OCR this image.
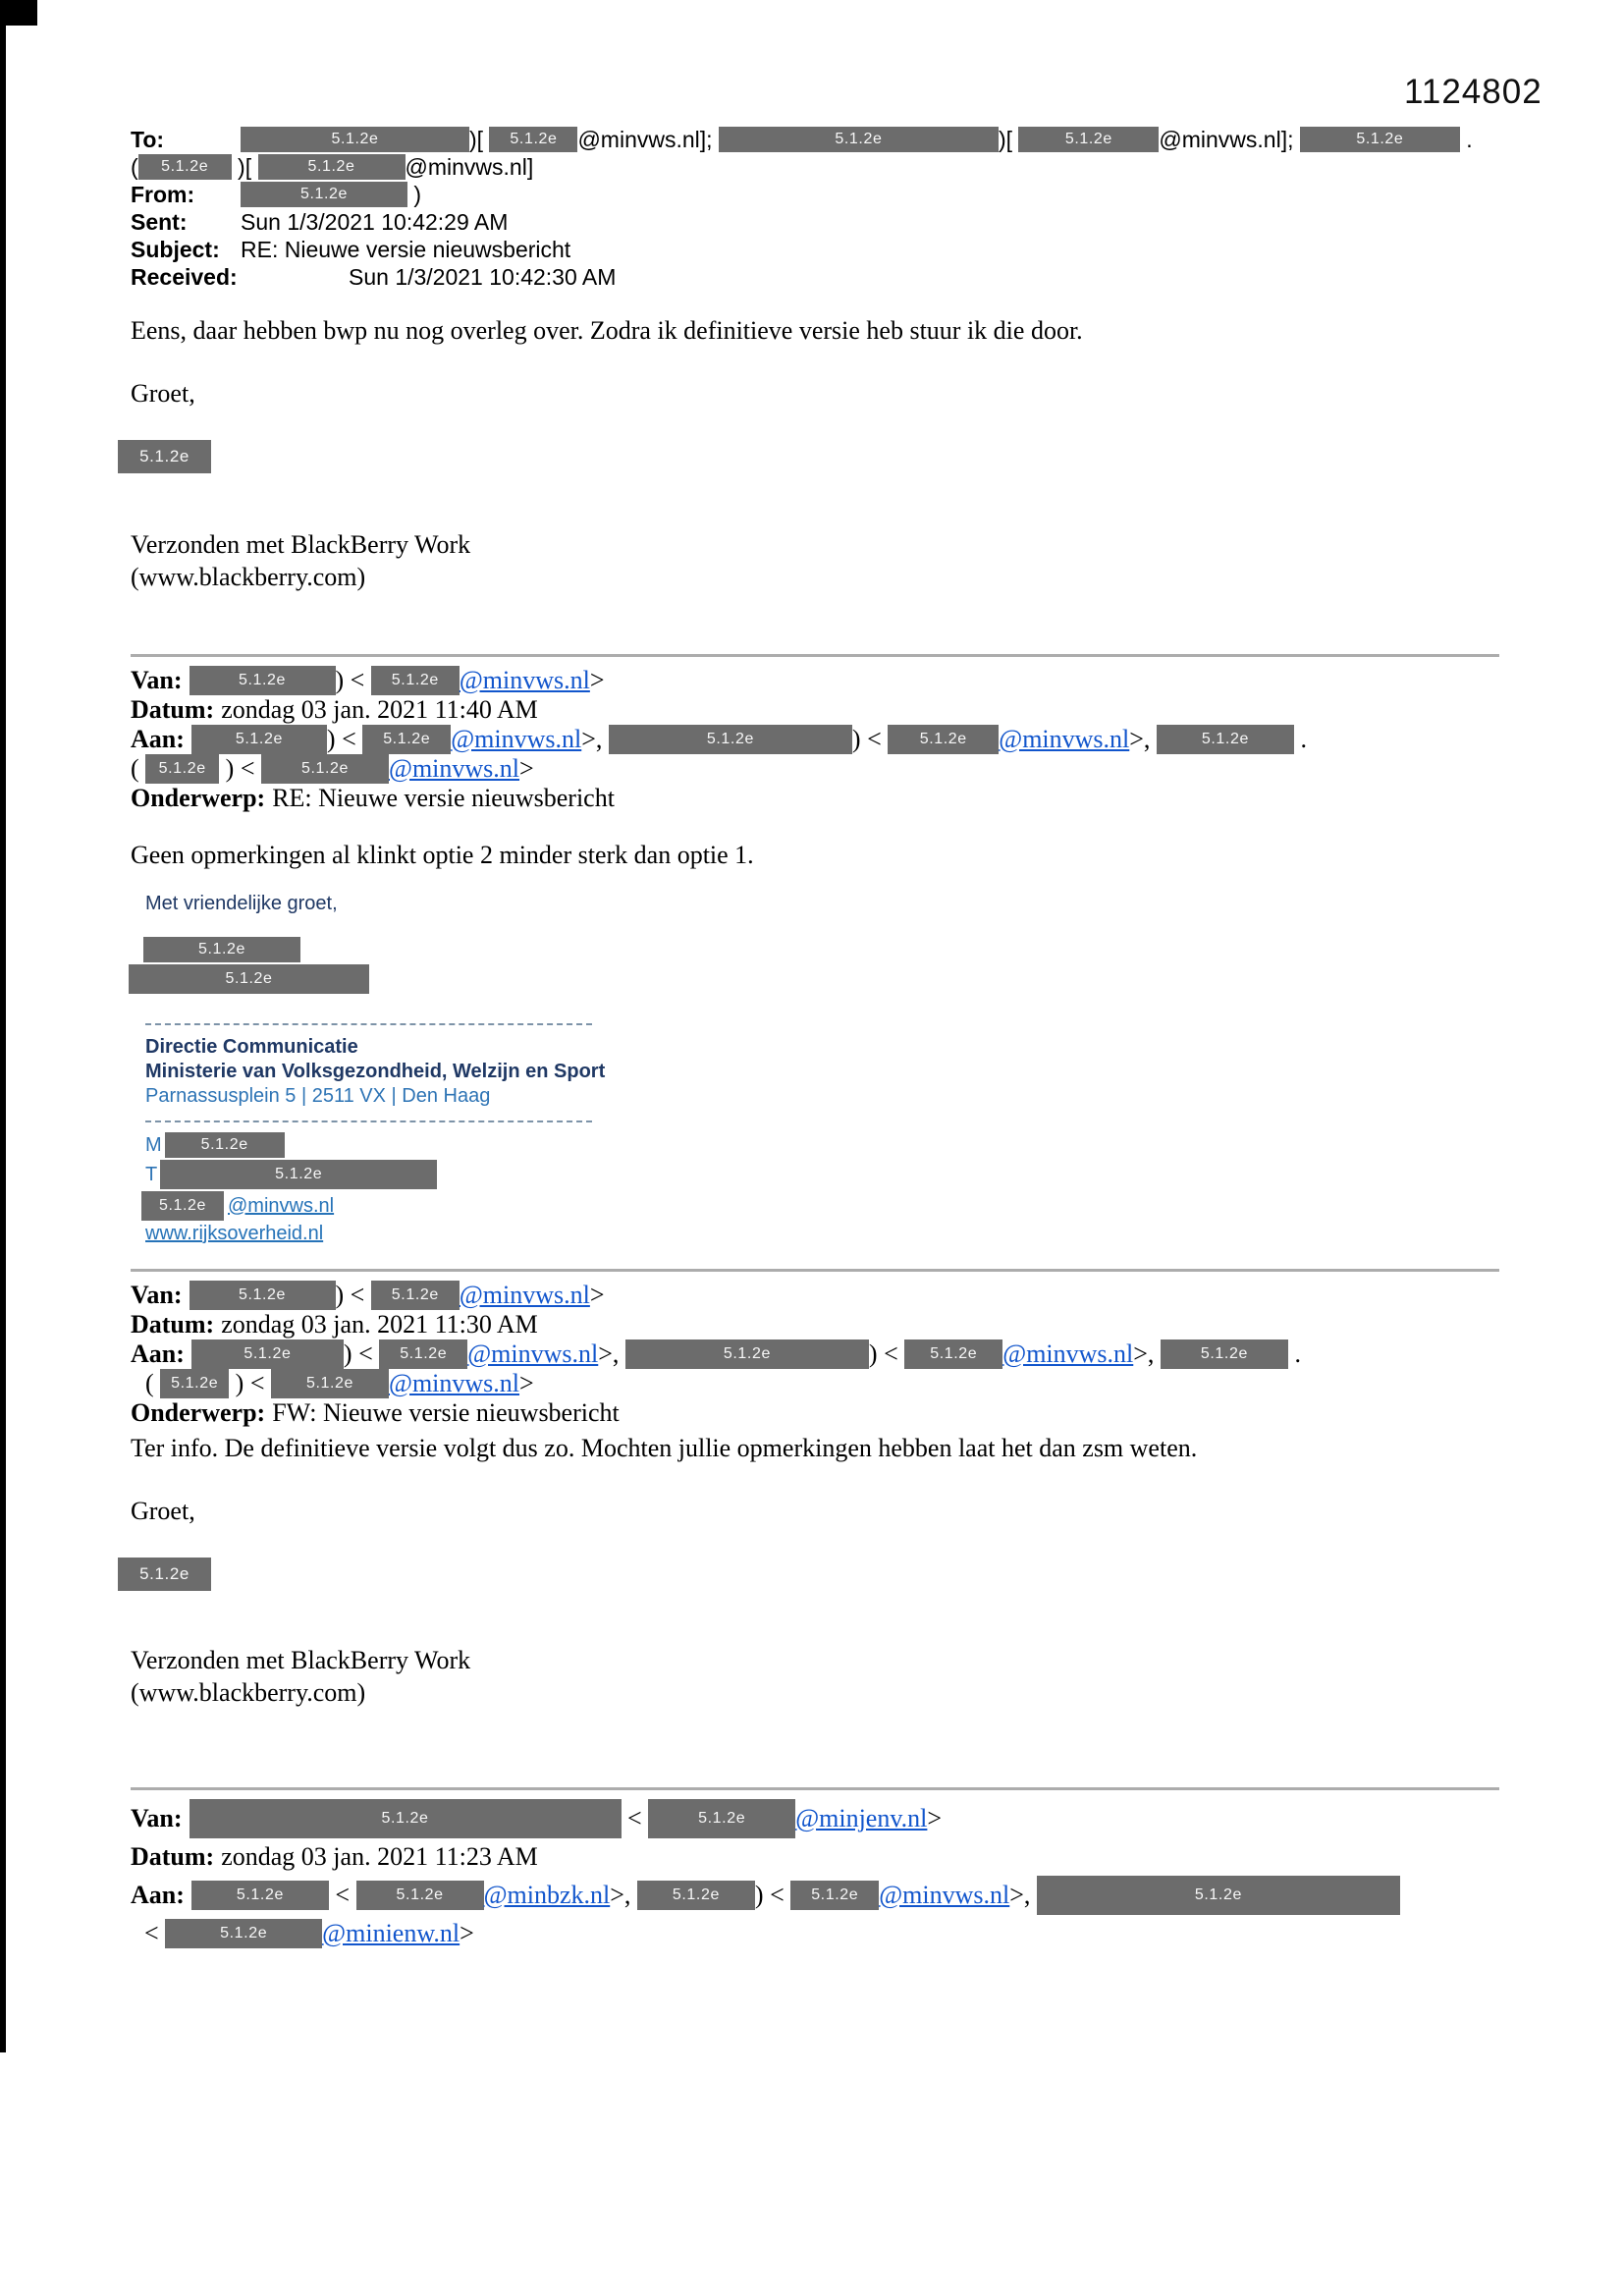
1124802
To:	5.1.2e	)[	5.1.2e @minvws.nl];	5.1.2e	)[	5.1.2e	@minvws.nl];	5.1.2e	.
(	5.1.2e	)[	5.1.2e	@minvws.nl]
From:	5.1.2e	)
Sent:	Sun 1/3/2021 10:42:29 AM
Subject: RE: Nieuwe versie nieuwsbericht
Received:	Sun 1/3/2021 10:42:30 AM
Eens, daar hebben bwp nu nog overleg over. Zodra ik definitieve versie heb stuur ik die door.
Groet,
5.1.2e
Verzonden met BlackBerry Work
(www.blackberry.com)
Van:	5.1.2e	) <	5.1.2e @minvws.nl >
Datum: zondag 03 jan. 2021 11:40 AM
Aan:	5.1.2e	) <	5.1.2e @minvws.nl >,	5.1.2e	) <	5.1.2e	@minvws.nl >,	5.1.2e	.
( 5.1.2e ) <	5.1.2e	@minvws.nl >
Onderwerp: RE: Nieuwe versie nieuwsbericht
Geen opmerkingen al klinkt optie 2 minder sterk dan optie 1.
Met vriendelijke groet,
5.1.2e
5.1.2e
Directie Communicatie
Ministerie van Volksgezondheid, Welzijn en Sport
Parnassusplein 5 | 2511 VX | Den Haag
M	5.1.2e
T	5.1.2e
5.1.2e	@minvws.nl
www.rijksoverheid.nl
Van:	5.1.2e	) <	5.1.2e @minvws.nl >
Datum: zondag 03 jan. 2021 11:30 AM
Aan:	5.1.2e	) <	5.1.2e @minvws.nl >,	5.1.2e	) <	5.1.2e @minvws.nl >,	5.1.2e	.
( 5.1.2e ) <	5.1.2e	@minvws.nl >
Onderwerp: FW: Nieuwe versie nieuwsbericht
Ter info. De definitieve versie volgt dus zo. Mochten jullie opmerkingen hebben laat het dan zsm weten.
Groet,
5.1.2e
Verzonden met BlackBerry Work
(www.blackberry.com)
Van:	5.1.2e	<	5.1.2e	@minjenv.nl >
Datum: zondag 03 jan. 2021 11:23 AM
Aan:	5.1.2e	<	5.1.2e	@minbzk.nl >,	5.1.2e	) <	5.1.2e @minvws.nl >,	5.1.2e
<	5.1.2e	@minienw.nl >
